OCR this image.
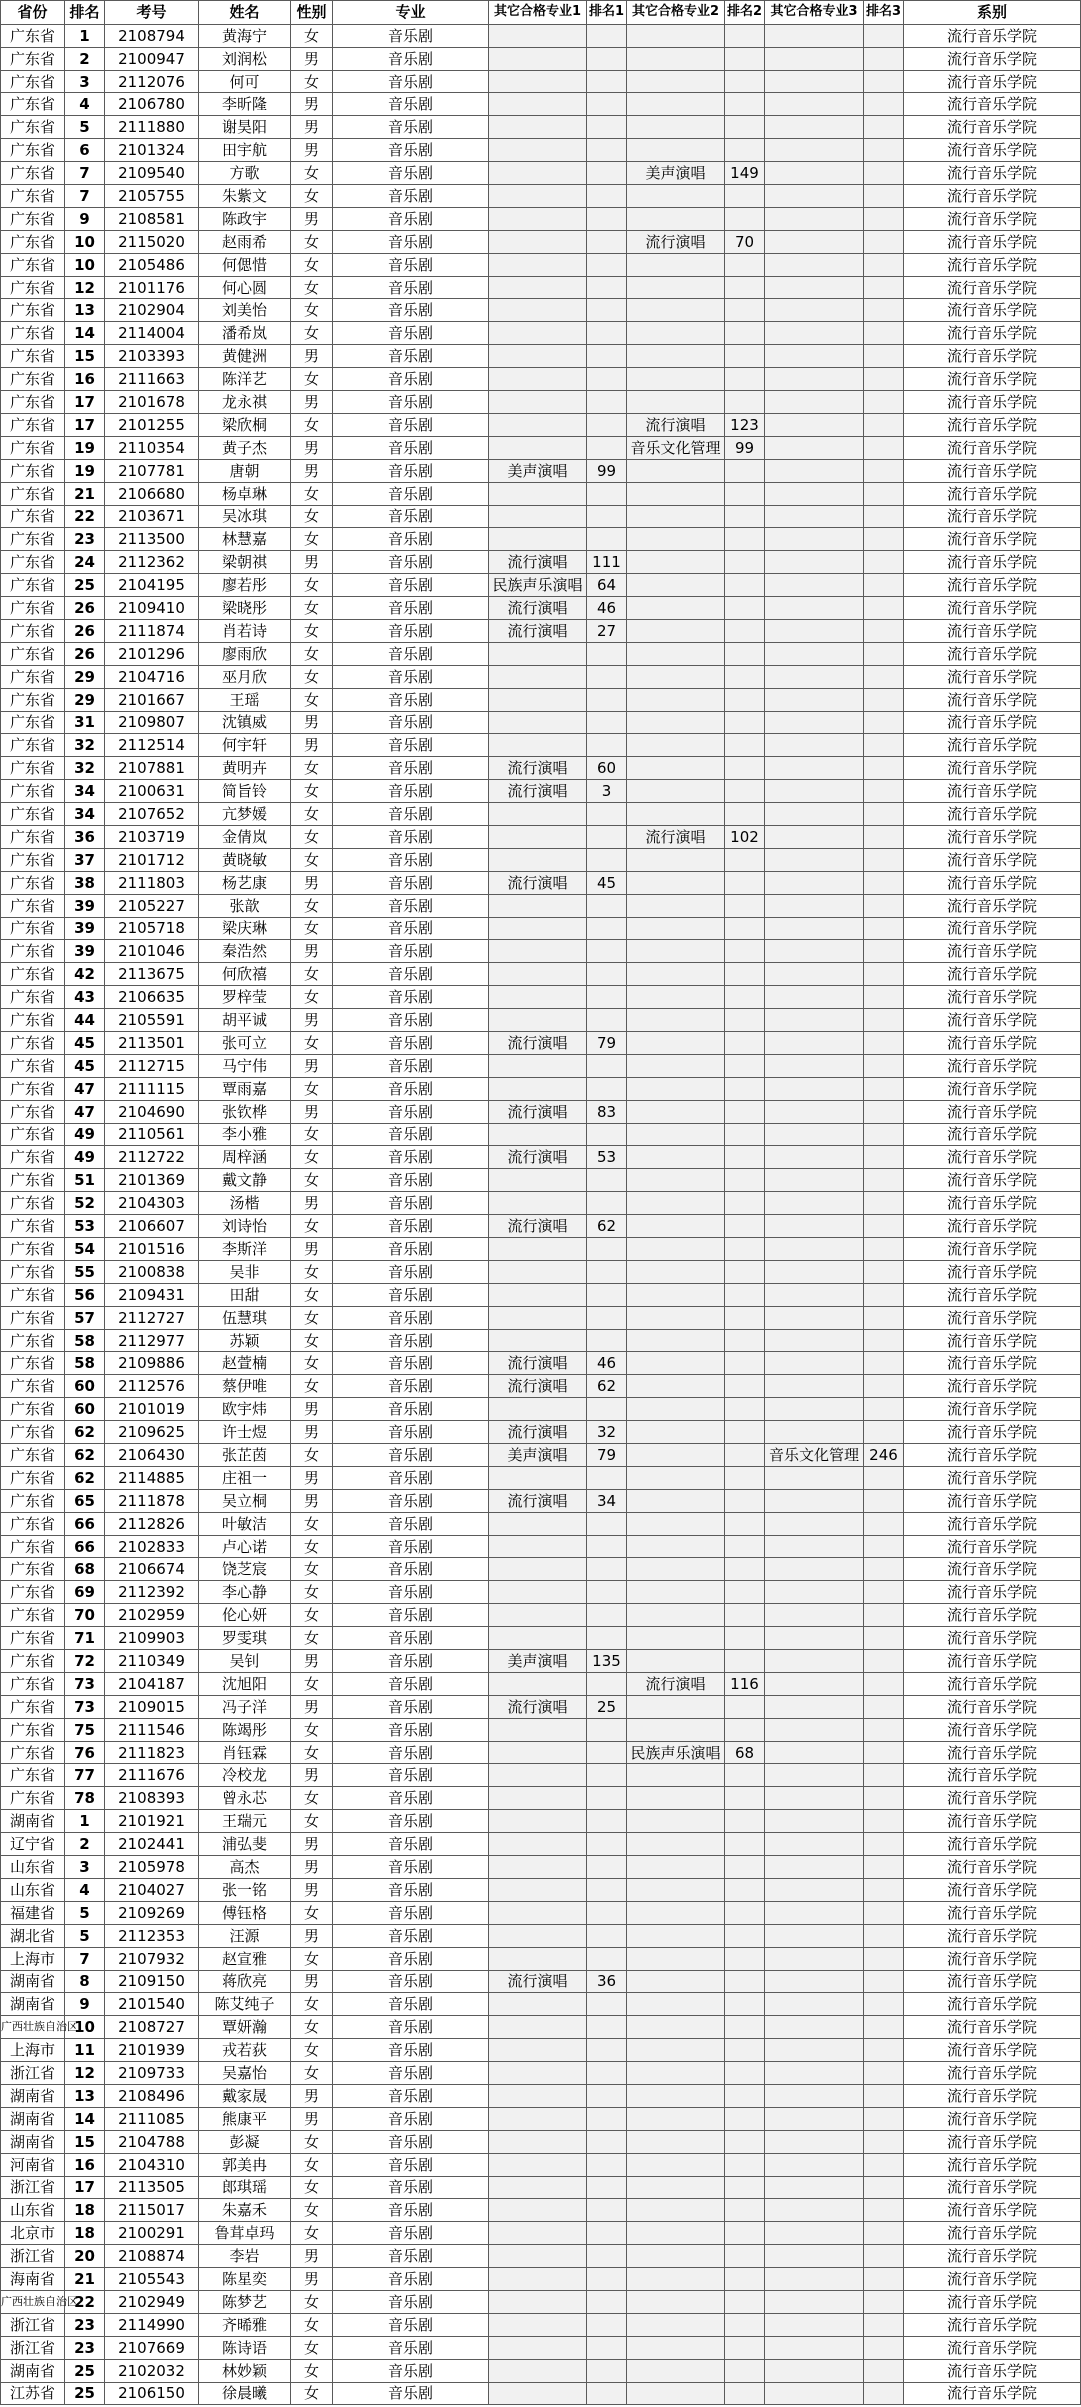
省份	排名	考号	姓名	性别	专业	其它合格专业1	排名1	其它合格专业2	排名2	其它合格专业3	排名3	系别
广东省	1	2108794	黄海宁	女	音乐剧							流行音乐学院
广东省	2	2100947	刘润松	男	音乐剧							流行音乐学院
广东省	3	2112076	何可	女	音乐剧							流行音乐学院
广东省	4	2106780	李昕隆	男	音乐剧							流行音乐学院
广东省	5	2111880	谢昊阳	男	音乐剧							流行音乐学院
广东省	6	2101324	田宇航	男	音乐剧							流行音乐学院
广东省	7	2109540	方歌	女	音乐剧			美声演唱	149			流行音乐学院
广东省	7	2105755	朱紫文	女	音乐剧							流行音乐学院
广东省	9	2108581	陈政宇	男	音乐剧							流行音乐学院
广东省	10	2115020	赵雨希	女	音乐剧			流行演唱	70			流行音乐学院
广东省	10	2105486	何偲惜	女	音乐剧							流行音乐学院
广东省	12	2101176	何心圆	女	音乐剧							流行音乐学院
广东省	13	2102904	刘美怡	女	音乐剧							流行音乐学院
广东省	14	2114004	潘希岚	女	音乐剧							流行音乐学院
广东省	15	2103393	黄健洲	男	音乐剧							流行音乐学院
广东省	16	2111663	陈洋艺	女	音乐剧							流行音乐学院
广东省	17	2101678	龙永祺	男	音乐剧							流行音乐学院
广东省	17	2101255	梁欣桐	女	音乐剧			流行演唱	123			流行音乐学院
广东省	19	2110354	黄子杰	男	音乐剧			音乐文化管理	99			流行音乐学院
广东省	19	2107781	唐朝	男	音乐剧	美声演唱	99					流行音乐学院
广东省	21	2106680	杨卓琳	女	音乐剧							流行音乐学院
广东省	22	2103671	吴冰琪	女	音乐剧							流行音乐学院
广东省	23	2113500	林慧嘉	女	音乐剧							流行音乐学院
广东省	24	2112362	梁朝祺	男	音乐剧	流行演唱	111					流行音乐学院
广东省	25	2104195	廖若彤	女	音乐剧	民族声乐演唱	64					流行音乐学院
广东省	26	2109410	梁晓彤	女	音乐剧	流行演唱	46					流行音乐学院
广东省	26	2111874	肖若诗	女	音乐剧	流行演唱	27					流行音乐学院
广东省	26	2101296	廖雨欣	女	音乐剧							流行音乐学院
广东省	29	2104716	巫月欣	女	音乐剧							流行音乐学院
广东省	29	2101667	王瑶	女	音乐剧							流行音乐学院
广东省	31	2109807	沈镇威	男	音乐剧							流行音乐学院
广东省	32	2112514	何宇轩	男	音乐剧							流行音乐学院
广东省	32	2107881	黄明卉	女	音乐剧	流行演唱	60					流行音乐学院
广东省	34	2100631	简旨铃	女	音乐剧	流行演唱	3					流行音乐学院
广东省	34	2107652	亢梦媛	女	音乐剧							流行音乐学院
广东省	36	2103719	金倩岚	女	音乐剧			流行演唱	102			流行音乐学院
广东省	37	2101712	黄晓敏	女	音乐剧							流行音乐学院
广东省	38	2111803	杨艺康	男	音乐剧	流行演唱	45					流行音乐学院
广东省	39	2105227	张歆	女	音乐剧							流行音乐学院
广东省	39	2105718	梁庆琳	女	音乐剧							流行音乐学院
广东省	39	2101046	秦浩然	男	音乐剧							流行音乐学院
广东省	42	2113675	何欣禧	女	音乐剧							流行音乐学院
广东省	43	2106635	罗梓莹	女	音乐剧							流行音乐学院
广东省	44	2105591	胡平诚	男	音乐剧							流行音乐学院
广东省	45	2113501	张可立	女	音乐剧	流行演唱	79					流行音乐学院
广东省	45	2112715	马宁伟	男	音乐剧							流行音乐学院
广东省	47	2111115	覃雨嘉	女	音乐剧							流行音乐学院
广东省	47	2104690	张钦桦	男	音乐剧	流行演唱	83					流行音乐学院
广东省	49	2110561	李小雅	女	音乐剧							流行音乐学院
广东省	49	2112722	周梓涵	女	音乐剧	流行演唱	53					流行音乐学院
广东省	51	2101369	戴文静	女	音乐剧							流行音乐学院
广东省	52	2104303	汤楷	男	音乐剧							流行音乐学院
广东省	53	2106607	刘诗怡	女	音乐剧	流行演唱	62					流行音乐学院
广东省	54	2101516	李斯洋	男	音乐剧							流行音乐学院
广东省	55	2100838	吴非	女	音乐剧							流行音乐学院
广东省	56	2109431	田甜	女	音乐剧							流行音乐学院
广东省	57	2112727	伍慧琪	女	音乐剧							流行音乐学院
广东省	58	2112977	苏颖	女	音乐剧							流行音乐学院
广东省	58	2109886	赵萱楠	女	音乐剧	流行演唱	46					流行音乐学院
广东省	60	2112576	蔡伊唯	女	音乐剧	流行演唱	62					流行音乐学院
广东省	60	2101019	欧宇炜	男	音乐剧							流行音乐学院
广东省	62	2109625	许士煜	男	音乐剧	流行演唱	32					流行音乐学院
广东省	62	2106430	张芷茵	女	音乐剧	美声演唱	79			音乐文化管理	246	流行音乐学院
广东省	62	2114885	庄祖一	男	音乐剧							流行音乐学院
广东省	65	2111878	吴立桐	男	音乐剧	流行演唱	34					流行音乐学院
广东省	66	2112826	叶敏洁	女	音乐剧							流行音乐学院
广东省	66	2102833	卢心诺	女	音乐剧							流行音乐学院
广东省	68	2106674	饶芝宸	女	音乐剧							流行音乐学院
广东省	69	2112392	李心静	女	音乐剧							流行音乐学院
广东省	70	2102959	伦心妍	女	音乐剧							流行音乐学院
广东省	71	2109903	罗雯琪	女	音乐剧							流行音乐学院
广东省	72	2110349	吴钊	男	音乐剧	美声演唱	135					流行音乐学院
广东省	73	2104187	沈旭阳	女	音乐剧			流行演唱	116			流行音乐学院
广东省	73	2109015	冯子洋	男	音乐剧	流行演唱	25					流行音乐学院
广东省	75	2111546	陈竭彤	女	音乐剧							流行音乐学院
广东省	76	2111823	肖钰霖	女	音乐剧			民族声乐演唱	68			流行音乐学院
广东省	77	2111676	冷校龙	男	音乐剧							流行音乐学院
广东省	78	2108393	曾永芯	女	音乐剧							流行音乐学院
湖南省	1	2101921	王瑞元	女	音乐剧							流行音乐学院
辽宁省	2	2102441	浦弘斐	男	音乐剧							流行音乐学院
山东省	3	2105978	高杰	男	音乐剧							流行音乐学院
山东省	4	2104027	张一铭	男	音乐剧							流行音乐学院
福建省	5	2109269	傅钰格	女	音乐剧							流行音乐学院
湖北省	5	2112353	汪源	男	音乐剧							流行音乐学院
上海市	7	2107932	赵宣雅	女	音乐剧							流行音乐学院
湖南省	8	2109150	蒋欣亮	男	音乐剧	流行演唱	36					流行音乐学院
湖南省	9	2101540	陈艾纯子	女	音乐剧							流行音乐学院
广西壮族自治区	10	2108727	覃妍瀚	女	音乐剧							流行音乐学院
上海市	11	2101939	戎若荻	女	音乐剧							流行音乐学院
浙江省	12	2109733	吴嘉怡	女	音乐剧							流行音乐学院
湖南省	13	2108496	戴家晟	男	音乐剧							流行音乐学院
湖南省	14	2111085	熊康平	男	音乐剧							流行音乐学院
湖南省	15	2104788	彭凝	女	音乐剧							流行音乐学院
河南省	16	2104310	郭美冉	女	音乐剧							流行音乐学院
浙江省	17	2113505	郎琪瑶	女	音乐剧							流行音乐学院
山东省	18	2115017	朱嘉禾	女	音乐剧							流行音乐学院
北京市	18	2100291	鲁茸卓玛	女	音乐剧							流行音乐学院
浙江省	20	2108874	李岩	男	音乐剧							流行音乐学院
海南省	21	2105543	陈星奕	男	音乐剧							流行音乐学院
广西壮族自治区	22	2102949	陈梦艺	女	音乐剧							流行音乐学院
浙江省	23	2114990	齐晞雅	女	音乐剧							流行音乐学院
浙江省	23	2107669	陈诗语	女	音乐剧							流行音乐学院
湖南省	25	2102032	林妙颖	女	音乐剧							流行音乐学院
江苏省	25	2106150	徐晨曦	女	音乐剧							流行音乐学院
